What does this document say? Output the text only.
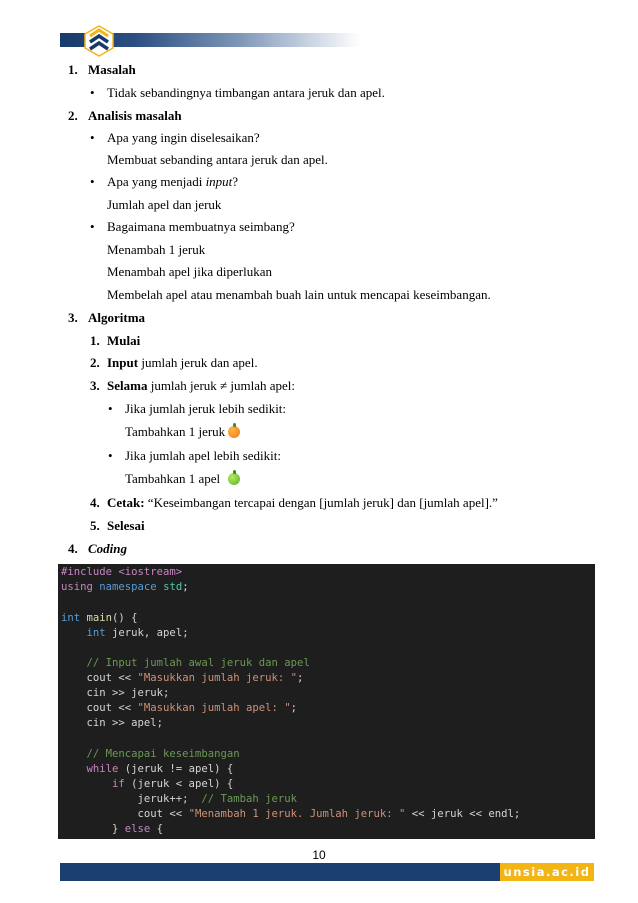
1. Masalah
• Tidak sebandingnya timbangan antara jeruk dan apel.
2. Analisis masalah
• Apa yang ingin diselesaikan?
Membuat sebanding antara jeruk dan apel.
• Apa yang menjadi input?
Jumlah apel dan jeruk
• Bagaimana membuatnya seimbang?
Menambah 1 jeruk
Menambah apel jika diperlukan
Membelah apel atau menambah buah lain untuk mencapai keseimbangan.
3. Algoritma
1. Mulai
2. Input jumlah jeruk dan apel.
3. Selama jumlah jeruk ≠ jumlah apel:
• Jika jumlah jeruk lebih sedikit:
Tambahkan 1 jeruk
• Jika jumlah apel lebih sedikit:
Tambahkan 1 apel
4. Cetak: “Keseimbangan tercapai dengan [jumlah jeruk] dan [jumlah apel].”
5. Selesai
4. Coding
#include <iostream>
using namespace std;
int main() {
int jeruk, apel;
// Input jumlah awal jeruk dan apel
cout << "Masukkan jumlah jeruk: ";
cin >> jeruk;
cout << "Masukkan jumlah apel: ";
cin >> apel;
// Mencapai keseimbangan
while (jeruk != apel) {
if (jeruk < apel) {
jeruk++;  // Tambah jeruk
cout << "Menambah 1 jeruk. Jumlah jeruk: " << jeruk << endl;
} else {
10
unsia.ac.id
